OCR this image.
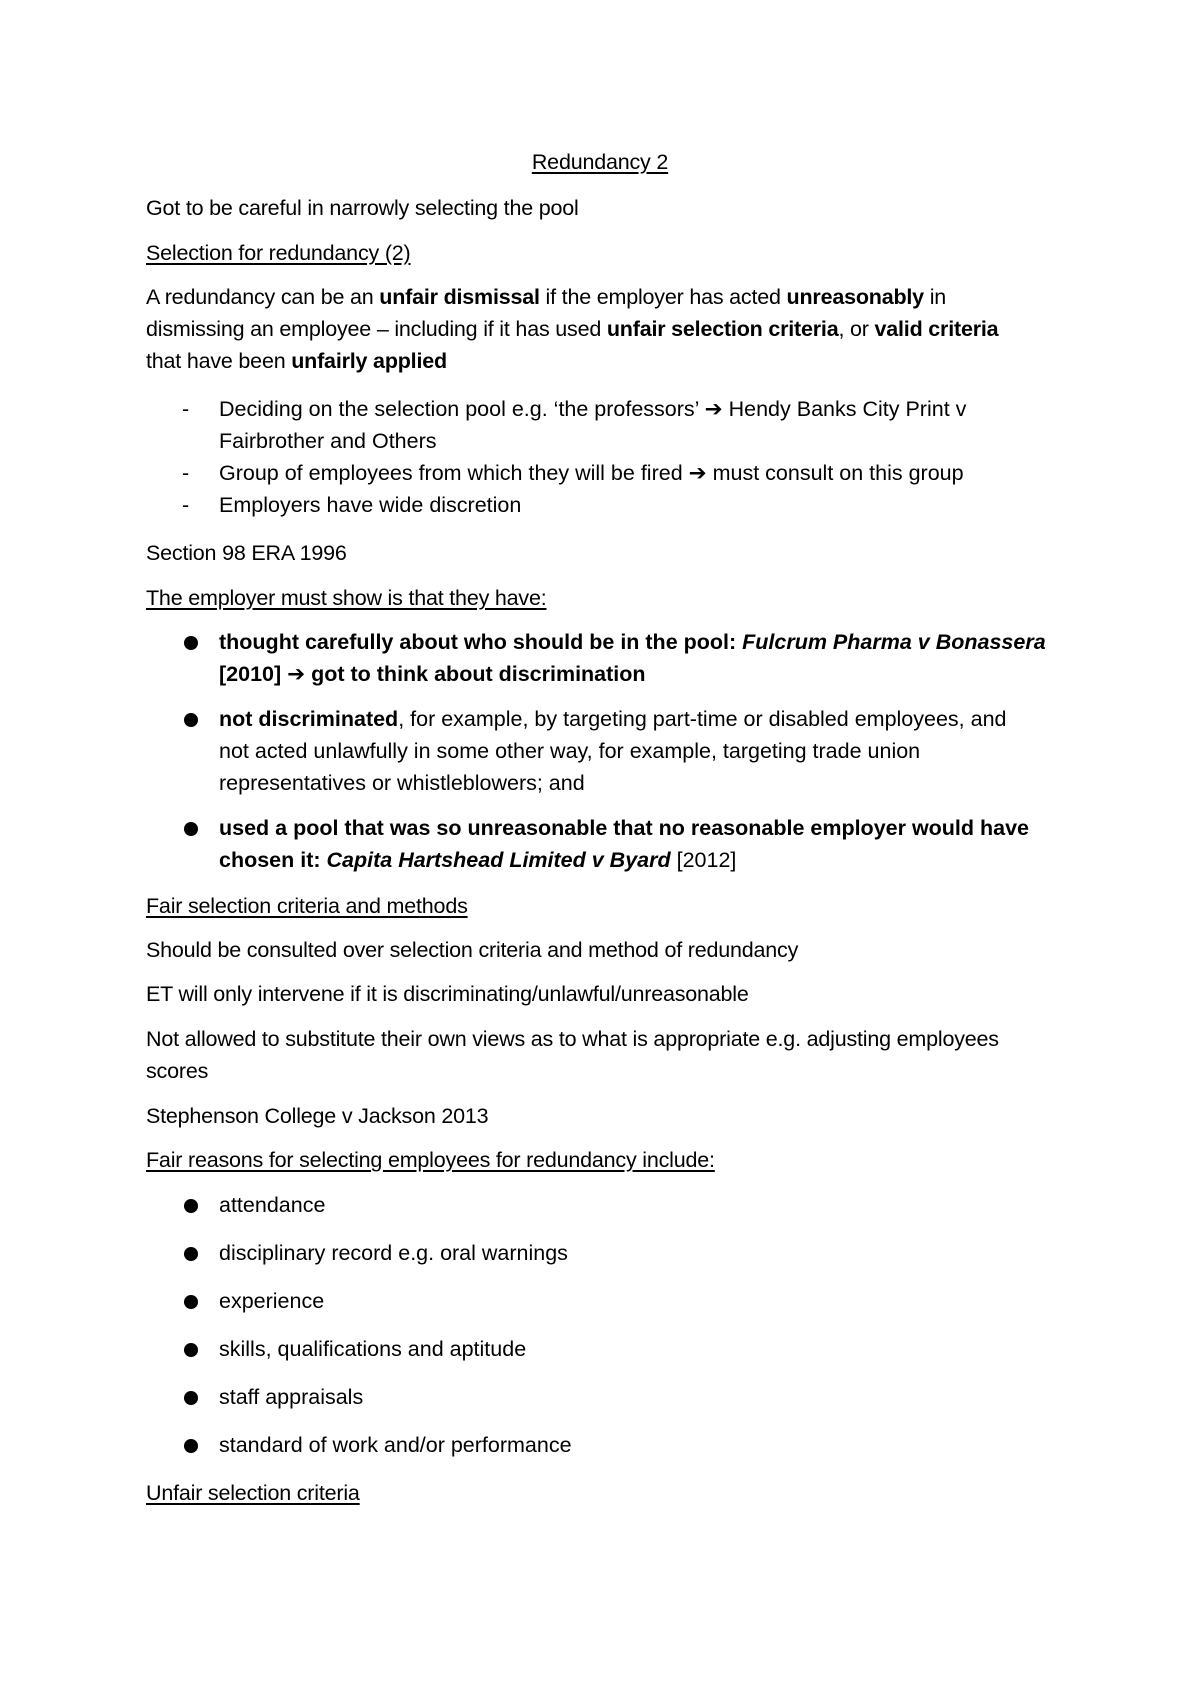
Redundancy 2
Got to be careful in narrowly selecting the pool
Selection for redundancy (2)
A redundancy can be an unfair dismissal if the employer has acted unreasonably in
dismissing an employee – including if it has used unfair selection criteria, or valid criteria
that have been unfairly applied
- Deciding on the selection pool e.g. ‘the professors’ ➔ Hendy Banks City Print v
Fairbrother and Others
- Group of employees from which they will be fired ➔ must consult on this group
- Employers have wide discretion
Section 98 ERA 1996
The employer must show is that they have:
thought carefully about who should be in the pool: Fulcrum Pharma v Bonassera
[2010] ➔ got to think about discrimination
not discriminated, for example, by targeting part-time or disabled employees, and
not acted unlawfully in some other way, for example, targeting trade union
representatives or whistleblowers; and
used a pool that was so unreasonable that no reasonable employer would have
chosen it: Capita Hartshead Limited v Byard [2012]
Fair selection criteria and methods
Should be consulted over selection criteria and method of redundancy
ET will only intervene if it is discriminating/unlawful/unreasonable
Not allowed to substitute their own views as to what is appropriate e.g. adjusting employees
scores
Stephenson College v Jackson 2013
Fair reasons for selecting employees for redundancy include:
attendance
disciplinary record e.g. oral warnings
experience
skills, qualifications and aptitude
staff appraisals
standard of work and/or performance
Unfair selection criteria
